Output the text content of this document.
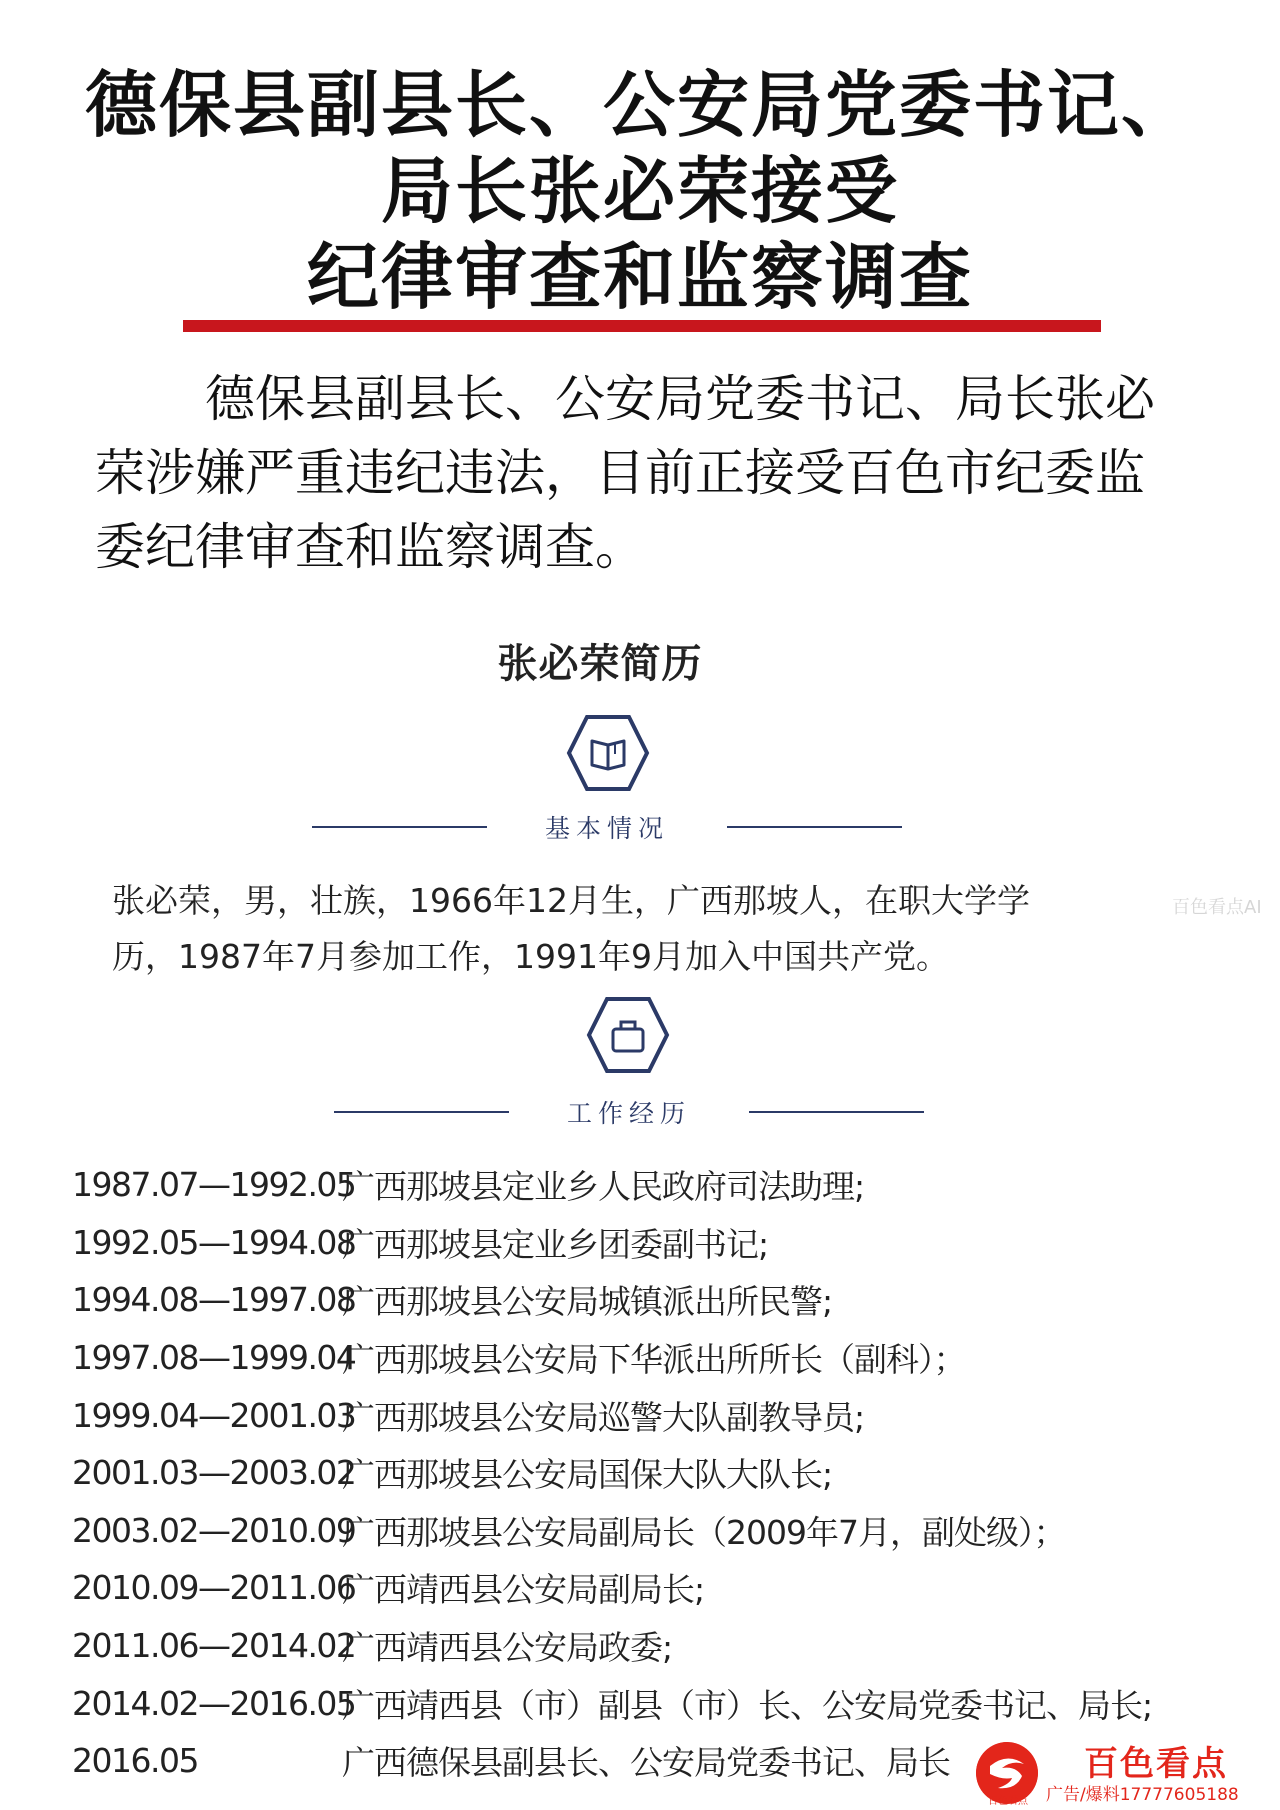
德保县副县长、公安局党委书记、
局长张必荣接受
纪律审查和监察调查

德保县副县长、公安局党委书记、局长张必荣涉嫌严重违纪违法，目前正接受百色市纪委监委纪律审查和监察调查。

张必荣简历
基本情况

张必荣，男，壮族，1966年12月生，广西那坡人，在职大学学

历，1987年7月参加工作，1991年9月加入中国共产党。

百色看点AI
工作经历
1987.07—1992.05
广西那坡县定业乡人民政府司法助理;
1992.05—1994.08
广西那坡县定业乡团委副书记;
1994.08—1997.08
广西那坡县公安局城镇派出所民警;
1997.08—1999.04
广西那坡县公安局下华派出所所长（副科）；
1999.04—2001.03
广西那坡县公安局巡警大队副教导员;
2001.03—2003.02
广西那坡县公安局国保大队大队长;
2003.02—2010.09
广西那坡县公安局副局长（2009年7月，副处级）；
2010.09—2011.06
广西靖西县公安局副局长;
2011.06—2014.02
广西靖西县公安局政委;
2014.02—2016.05
广西靖西县（市）副县（市）长、公安局党委书记、局长;
2016.05	广西德保县副县长、公安局党委书记、局长	百色看点
广告/爆料17777605188
百色看点
